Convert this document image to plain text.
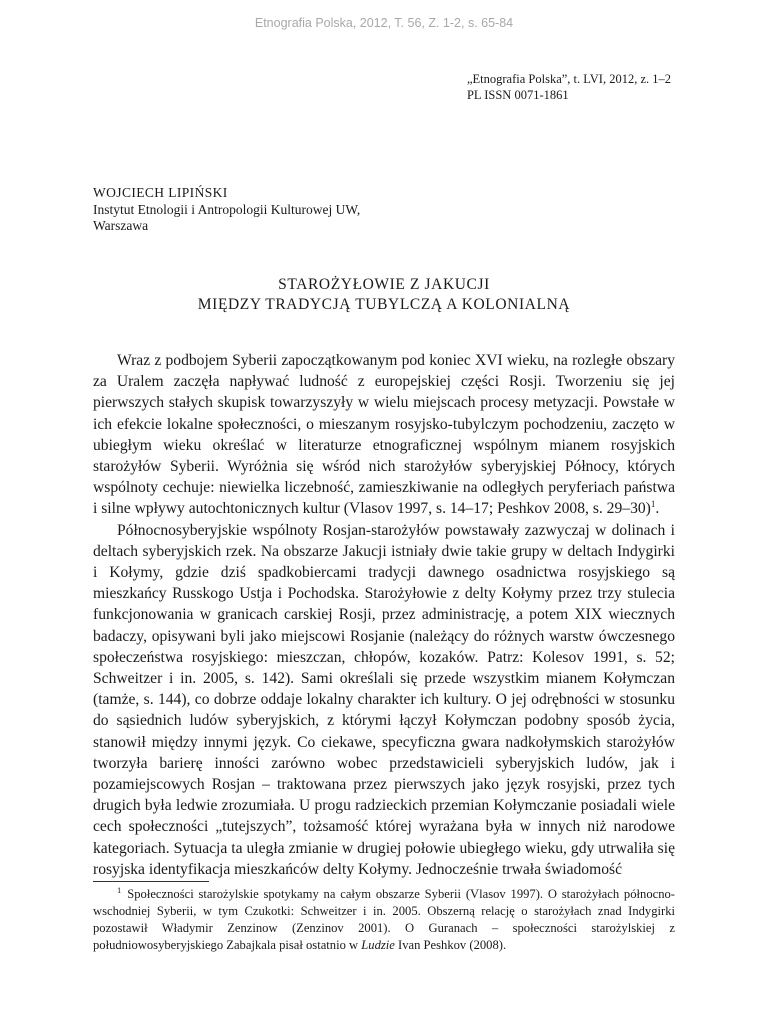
Etnografia Polska, 2012, T. 56, Z. 1-2, s. 65-84
„Etnografia Polska”, t. LVI, 2012, z. 1–2
PL ISSN 0071-1861
WOJCIECH LIPIŃSKI
Instytut Etnologii i Antropologii Kulturowej UW,
Warszawa
STAROŻYŁOWIE Z JAKUCJI
MIĘDZY TRADYCJĄ TUBYLCZĄ A KOLONIALNĄ

Wraz z podbojem Syberii zapoczątkowanym pod koniec XVI wieku, na rozległe obszary za Uralem zaczęła napływać ludność z europejskiej części Rosji. Tworzeniu się jej pierwszych stałych skupisk towarzyszyły w wielu miejscach procesy metyzacji. Powstałe w ich efekcie lokalne społeczności, o mieszanym rosyjsko-tubylczym pochodzeniu, zaczęto w ubiegłym wieku określać w literaturze etnograficznej wspólnym mianem rosyjskich starożyłów Syberii. Wyróżnia się wśród nich starożyłów syberyjskiej Północy, których wspólnoty cechuje: niewielka liczebność, zamieszkiwanie na odległych peryferiach państwa i silne wpływy autochtonicznych kultur (Vlasov 1997, s. 14–17; Peshkov 2008, s. 29–30)$^1$.

Północnosyberyjskie wspólnoty Rosjan-starożyłów powstawały zazwyczaj w dolinach i deltach syberyjskich rzek. Na obszarze Jakucji istniały dwie takie grupy w deltach Indygirki i Kołymy, gdzie dziś spadkobiercami tradycji dawnego osadnictwa rosyjskiego są mieszkańcy Russkogo Ustja i Pochodska. Starożyłowie z delty Kołymy przez trzy stulecia funkcjonowania w granicach carskiej Rosji, przez administrację, a potem XIX wiecznych badaczy, opisywani byli jako miejscowi Rosjanie (należący do różnych warstw ówczesnego społeczeństwa rosyjskiego: mieszczan, chłopów, kozaków. Patrz: Kolesov 1991, s. 52; Schweitzer i in. 2005, s. 142). Sami określali się przede wszystkim mianem Kołymczan (tamże, s. 144), co dobrze oddaje lokalny charakter ich kultury. O jej odrębności w stosunku do sąsiednich ludów syberyjskich, z którymi łączył Kołymczan podobny sposób życia, stanowił między innymi język. Co ciekawe, specyficzna gwara nadkołymskich starożyłów tworzyła barierę inności zarówno wobec przedstawicieli syberyjskich ludów, jak i pozamiejscowych Rosjan – traktowana przez pierwszych jako język rosyjski, przez tych drugich była ledwie zrozumiała. U progu radzieckich przemian Kołymczanie posiadali wiele cech społeczności „tutejszych”, tożsamość której wyrażana była w innych niż narodowe kategoriach. Sytuacja ta uległa zmianie w drugiej połowie ubiegłego wieku, gdy utrwaliła się rosyjska identyfikacja mieszkańców delty Kołymy. Jednocześnie trwała świadomość

$^1$ Społeczności starożylskie spotykamy na całym obszarze Syberii (Vlasov 1997). O starożyłach północno-wschodniej Syberii, w tym Czukotki: Schweitzer i in. 2005. Obszerną relację o starożyłach znad Indygirki pozostawił Władymir Zenzinow (Zenzinov 2001). O Guranach – społeczności starożylskiej z południowosyberyjskiego Zabajkala pisał ostatnio w Ludzie Ivan Peshkov (2008).
